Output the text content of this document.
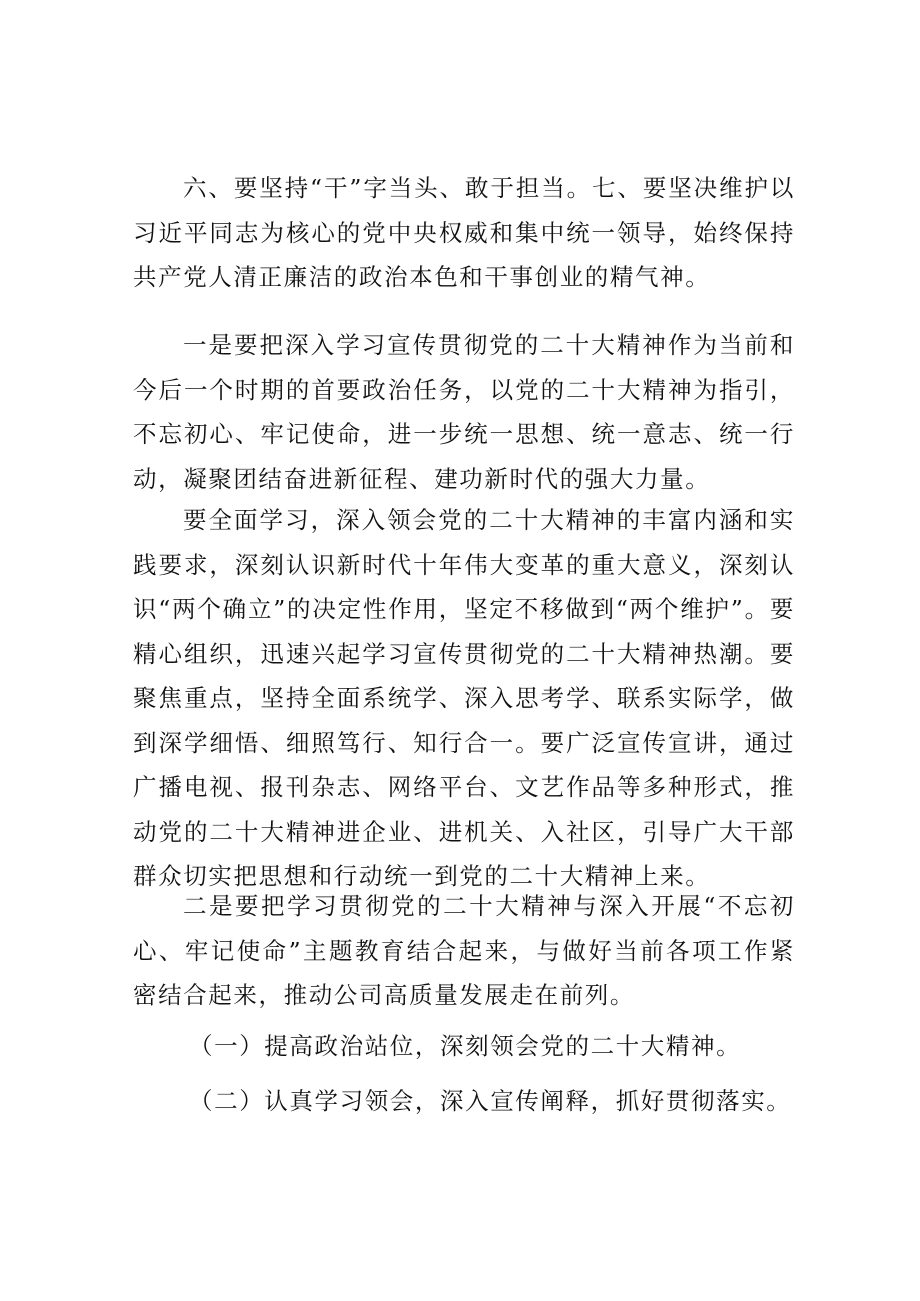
六、要坚持“干”字当头、敢于担当。七、要坚决维护以习近平同志为核心的党中央权威和集中统一领导，始终保持共产党人清正廉洁的政治本色和干事创业的精气神。

一是要把深入学习宣传贯彻党的二十大精神作为当前和今后一个时期的首要政治任务，以党的二十大精神为指引，不忘初心、牢记使命，进一步统一思想、统一意志、统一行动，凝聚团结奋进新征程、建功新时代的强大力量。

要全面学习，深入领会党的二十大精神的丰富内涵和实践要求，深刻认识新时代十年伟大变革的重大意义，深刻认识“两个确立”的决定性作用，坚定不移做到“两个维护”。要精心组织，迅速兴起学习宣传贯彻党的二十大精神热潮。要聚焦重点，坚持全面系统学、深入思考学、联系实际学，做到深学细悟、细照笃行、知行合一。要广泛宣传宣讲，通过广播电视、报刊杂志、网络平台、文艺作品等多种形式，推动党的二十大精神进企业、进机关、入社区，引导广大干部群众切实把思想和行动统一到党的二十大精神上来。

二是要把学习贯彻党的二十大精神与深入开展“不忘初心、牢记使命”主题教育结合起来，与做好当前各项工作紧密结合起来，推动公司高质量发展走在前列。

（一）提高政治站位，深刻领会党的二十大精神。

（二）认真学习领会，深入宣传阐释，抓好贯彻落实。
